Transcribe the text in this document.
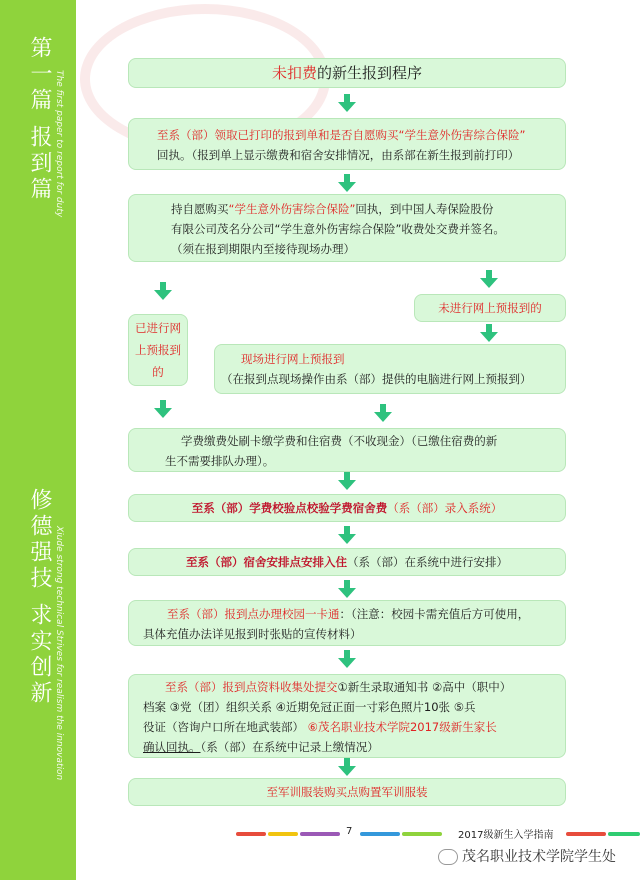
第一篇 报到篇 The first paper to report for duty
修德强技 求实创新 Xiude strong technical Strives for realism the innovation
未扣费的新生报到程序
至系（部）领取已打印的报到单和是否自愿购买“学生意外伤害综合保险”
回执。（报到单上显示缴费和宿舍安排情况，由系部在新生报到前打印）
持自愿购买“学生意外伤害综合保险”回执，到中国人寿保险股份
有限公司茂名分公司“学生意外伤害综合保险”收费处交费并签名。
（须在报到期限内至接待现场办理）
未进行网上预报到的
已进行网上预报到的
现场进行网上预报到
（在报到点现场操作由系（部）提供的电脑进行网上预报到）
学费缴费处刷卡缴学费和住宿费（不收现金）（已缴住宿费的新
生不需要排队办理）。
至系（部）学费校验点校验学费宿舍费（系（部）录入系统）
至系（部）宿舍安排点安排入住（系（部）在系统中进行安排）
至系（部）报到点办理校园一卡通：（注意：校园卡需充值后方可使用，
具体充值办法详见报到时张贴的宣传材料）
至系（部）报到点资料收集处提交①新生录取通知书 ②高中（职中）
档案 ③党（团）组织关系 ④近期免冠正面一寸彩色照片10张 ⑤兵
役证（咨询户口所在地武装部） ⑥茂名职业技术学院2017级新生家长
确认回执。（系（部）在系统中记录上缴情况）
至军训服装购买点购置军训服装
7	2017级新生入学指南
茂名职业技术学院学生处
